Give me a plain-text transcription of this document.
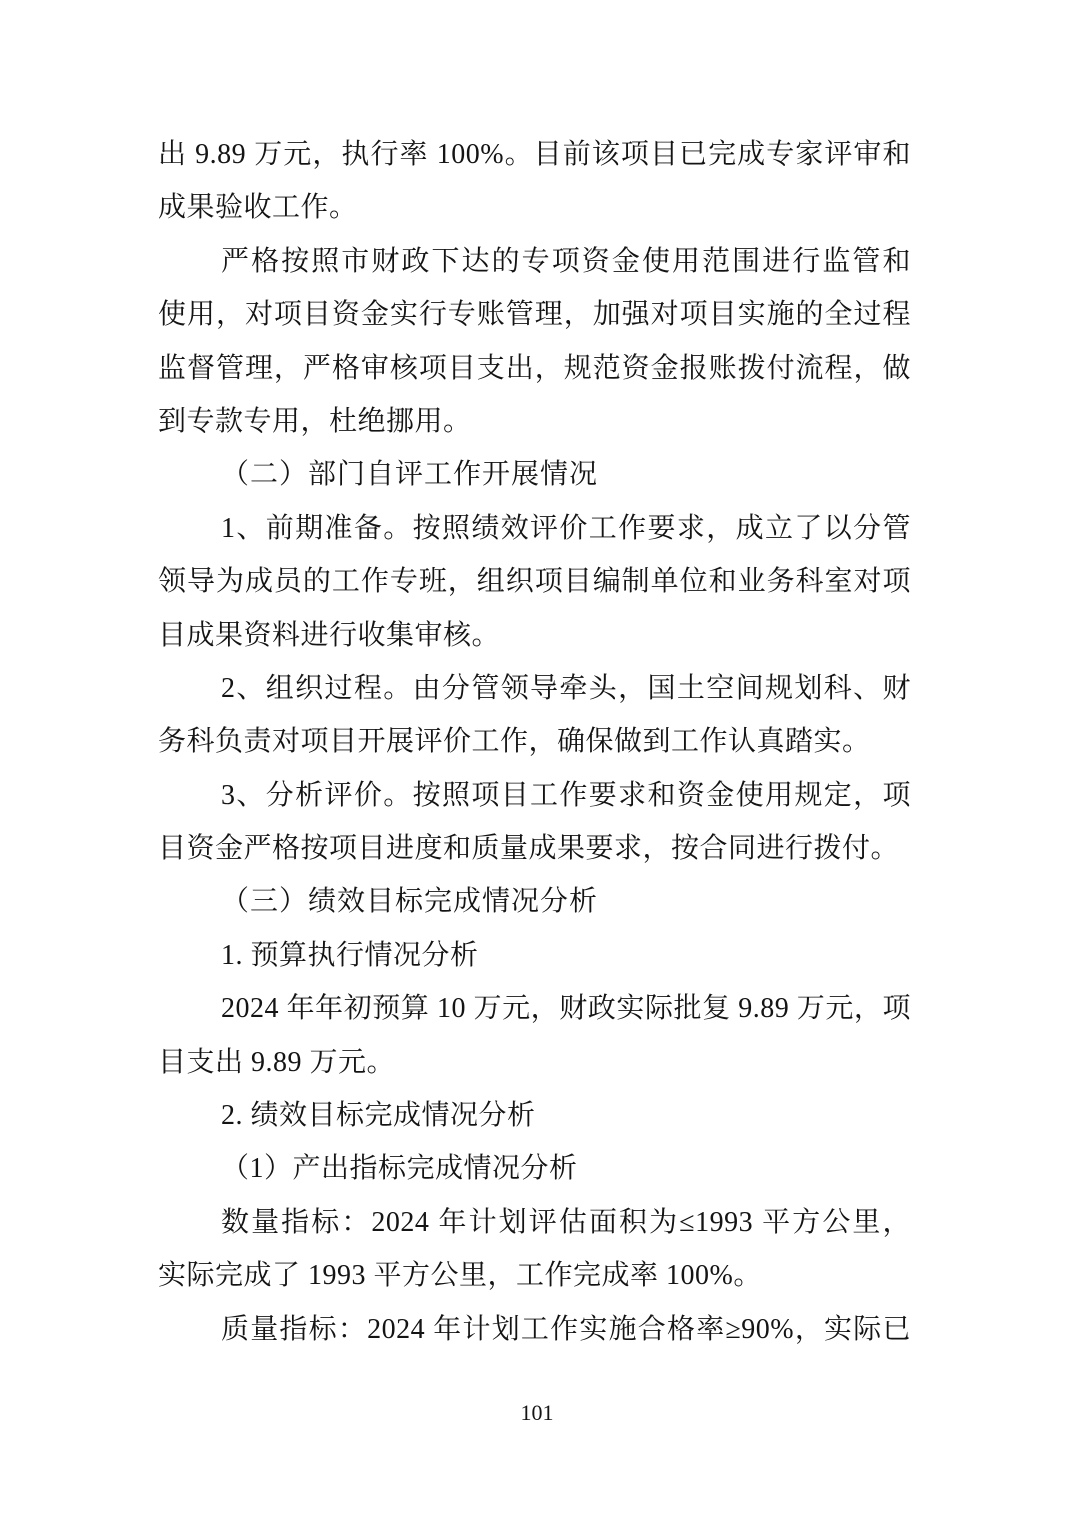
出 9.89 万元，执行率 100%。目前该项目已完成专家评审和
成果验收工作。
严格按照市财政下达的专项资金使用范围进行监管和
使用，对项目资金实行专账管理，加强对项目实施的全过程
监督管理，严格审核项目支出，规范资金报账拨付流程，做
到专款专用，杜绝挪用。
（二）部门自评工作开展情况
1、前期准备。按照绩效评价工作要求，成立了以分管
领导为成员的工作专班，组织项目编制单位和业务科室对项
目成果资料进行收集审核。
2、组织过程。由分管领导牵头，国土空间规划科、财
务科负责对项目开展评价工作，确保做到工作认真踏实。
3、分析评价。按照项目工作要求和资金使用规定，项
目资金严格按项目进度和质量成果要求，按合同进行拨付。
（三）绩效目标完成情况分析
1. 预算执行情况分析
2024 年年初预算 10 万元，财政实际批复 9.89 万元，项
目支出 9.89 万元。
2. 绩效目标完成情况分析
（1）产出指标完成情况分析
数量指标：2024 年计划评估面积为≤1993 平方公里，
实际完成了 1993 平方公里，工作完成率 100%。
质量指标：2024 年计划工作实施合格率≥90%，实际已
101
